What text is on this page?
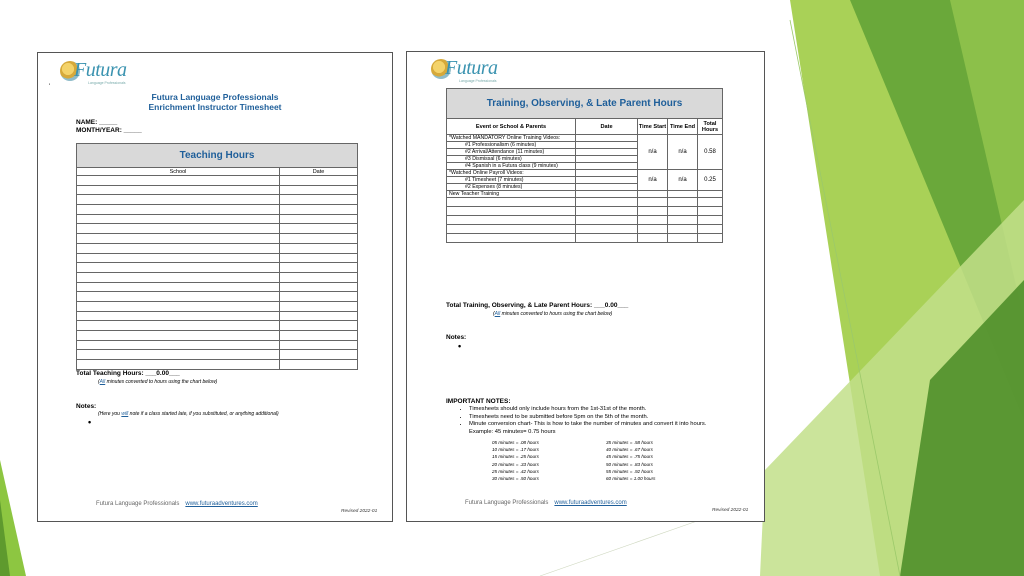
Futura
Language Professionals
'
Futura Language Professionals
Enrichment Instructor Timesheet
NAME: _____
MONTH/YEAR: _____
Teaching Hours	
School	Date

Total Teaching Hours: ___0.00___
(All minutes converted to hours using the chart below)
Notes:
(Here you will note if a class started late, if you substituted, or anything additional)
•
Futura Language Professionals www.futuraadventures.com
Revised 2022-01
Futura
Language Professionals
Training, Observing, & Late Parent Hours				
Event or School & Parents	Date	Time Start	Time End	Total Hours
*Watched MANDATORY Online Training Videos:		n/a	n/a	0.58
#1 Professionalism (6 minutes)				
#2 Arrival/Attendance (11 minutes)				
#3 Dismissal (6 minutes)				
#4 Spanish in a Futura class (9 minutes)				
*Watched Online Payroll Videos:		n/a	n/a	0.25
#1 Timesheet (7 minutes)				
#2 Expenses (8 minutes)				
New Teacher Training				

Total Training, Observing, & Late Parent Hours: ___0.00___
(All minutes converted to hours using the chart below)
Notes:
•
IMPORTANT NOTES:
• Timesheets should only include hours from the 1st-31st of the month.
• Timesheets need to be submitted before 5pm on the 5th of the month.
• Minute conversion chart- This is how to take the number of minutes and convert it into hours. Example: 45 minutes= 0.75 hours
05 minutes = .08 hours
10 minutes = .17 hours
15 minutes = .25 hours
20 minutes = .33 hours
25 minutes = .42 hours
30 minutes = .50 hours
35 minutes = .58 hours
40 minutes = .67 hours
45 minutes = .75 hours
50 minutes = .83 hours
55 minutes = .92 hours
60 minutes = 1.00 hours
Futura Language Professionals www.futuraadventures.com
Revised 2022-01
